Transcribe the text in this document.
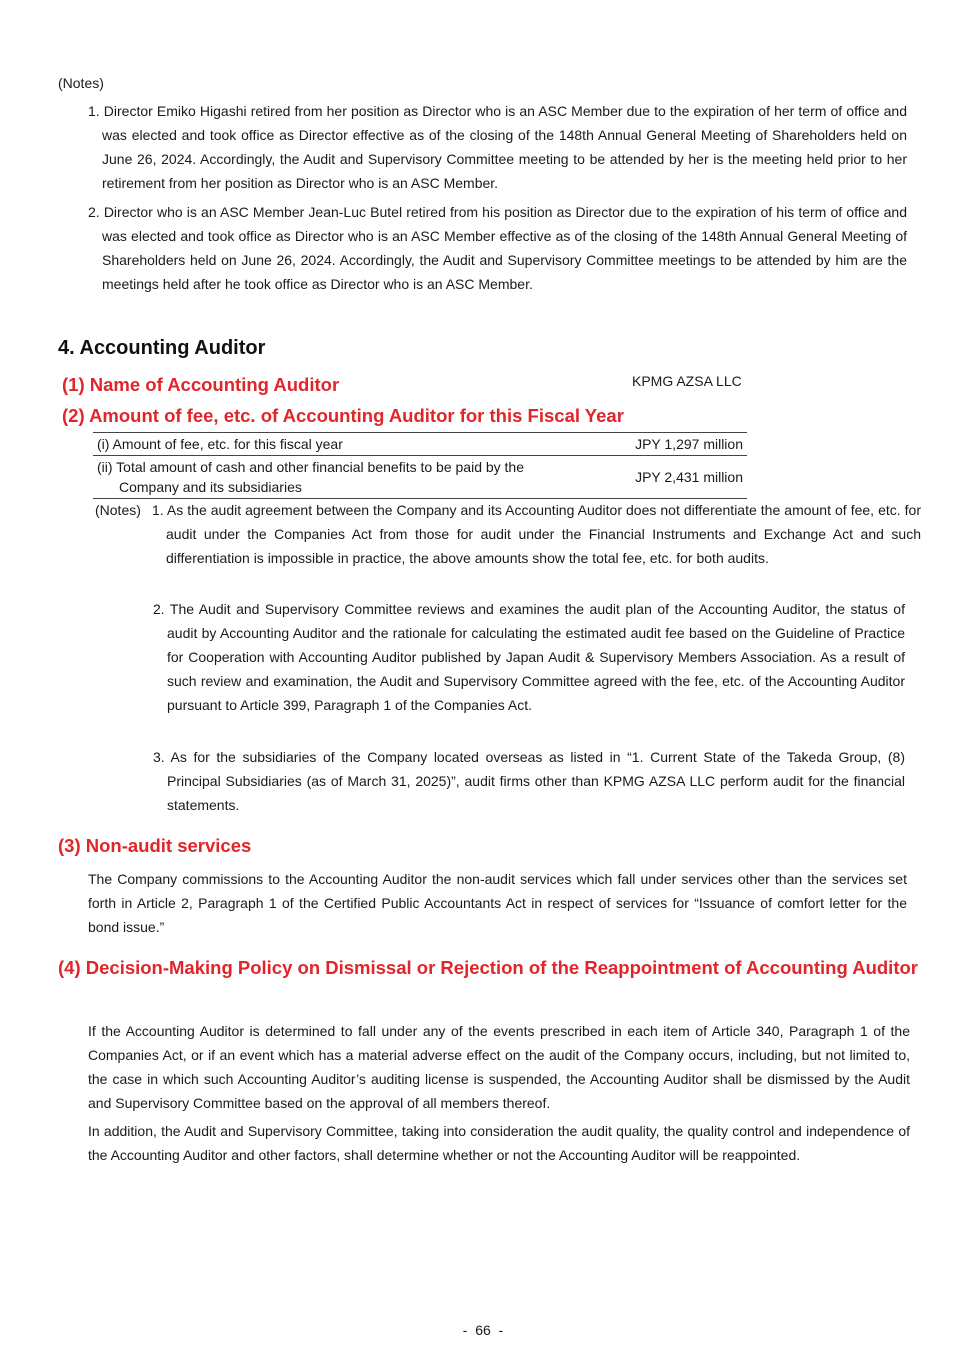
(Notes)
1. Director Emiko Higashi retired from her position as Director who is an ASC Member due to the expiration of her term of office and was elected and took office as Director effective as of the closing of the 148th Annual General Meeting of Shareholders held on June 26, 2024. Accordingly, the Audit and Supervisory Committee meeting to be attended by her is the meeting held prior to her retirement from her position as Director who is an ASC Member.
2. Director who is an ASC Member Jean-Luc Butel retired from his position as Director due to the expiration of his term of office and was elected and took office as Director who is an ASC Member effective as of the closing of the 148th Annual General Meeting of Shareholders held on June 26, 2024. Accordingly, the Audit and Supervisory Committee meetings to be attended by him are the meetings held after he took office as Director who is an ASC Member.
4. Accounting Auditor
(1) Name of Accounting Auditor	KPMG AZSA LLC
(2) Amount of fee, etc. of Accounting Auditor for this Fiscal Year
(i) Amount of fee, etc. for this fiscal year	JPY 1,297 million
(ii) Total amount of cash and other financial benefits to be paid by the Company and its subsidiaries	JPY 2,431 million
(Notes) 1. As the audit agreement between the Company and its Accounting Auditor does not differentiate the amount of fee, etc. for audit under the Companies Act from those for audit under the Financial Instruments and Exchange Act and such differentiation is impossible in practice, the above amounts show the total fee, etc. for both audits.
2. The Audit and Supervisory Committee reviews and examines the audit plan of the Accounting Auditor, the status of audit by Accounting Auditor and the rationale for calculating the estimated audit fee based on the Guideline of Practice for Cooperation with Accounting Auditor published by Japan Audit & Supervisory Members Association. As a result of such review and examination, the Audit and Supervisory Committee agreed with the fee, etc. of the Accounting Auditor pursuant to Article 399, Paragraph 1 of the Companies Act.
3. As for the subsidiaries of the Company located overseas as listed in “1. Current State of the Takeda Group, (8) Principal Subsidiaries (as of March 31, 2025)”, audit firms other than KPMG AZSA LLC perform audit for the financial statements.
(3) Non-audit services
The Company commissions to the Accounting Auditor the non-audit services which fall under services other than the services set forth in Article 2, Paragraph 1 of the Certified Public Accountants Act in respect of services for “Issuance of comfort letter for the bond issue.”
(4) Decision-Making Policy on Dismissal or Rejection of the Reappointment of Accounting Auditor
If the Accounting Auditor is determined to fall under any of the events prescribed in each item of Article 340, Paragraph 1 of the Companies Act, or if an event which has a material adverse effect on the audit of the Company occurs, including, but not limited to, the case in which such Accounting Auditor’s auditing license is suspended, the Accounting Auditor shall be dismissed by the Audit and Supervisory Committee based on the approval of all members thereof.
In addition, the Audit and Supervisory Committee, taking into consideration the audit quality, the quality control and independence of the Accounting Auditor and other factors, shall determine whether or not the Accounting Auditor will be reappointed.
-  66  -
